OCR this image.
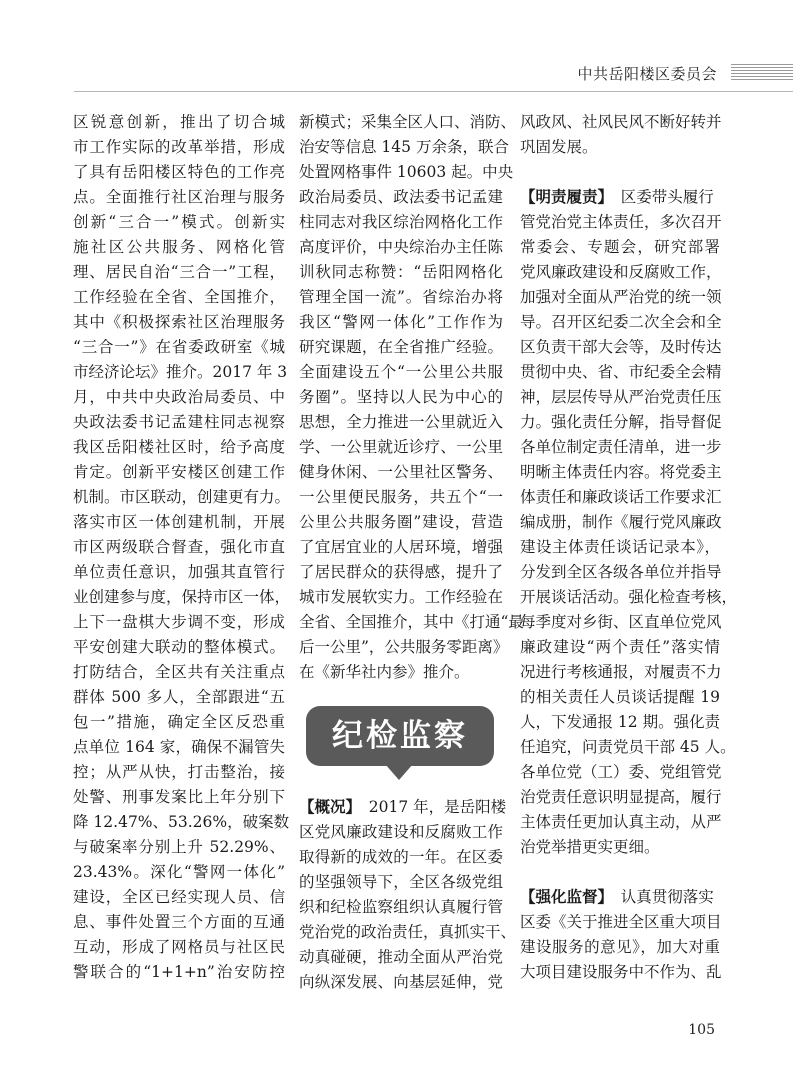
中共岳阳楼区委员会
区锐意创新，推出了切合城
市工作实际的改革举措，形成
了具有岳阳楼区特色的工作亮
点。全面推行社区治理与服务
创新“三合一”模式。创新实
施社区公共服务、网格化管
理、居民自治“三合一”工程，
工作经验在全省、全国推介，
其中《积极探索社区治理服务
“三合一”》在省委政研室《城
市经济论坛》推介。2017 年 3
月，中共中央政治局委员、中
央政法委书记孟建柱同志视察
我区岳阳楼社区时，给予高度
肯定。创新平安楼区创建工作
机制。市区联动，创建更有力。
落实市区一体创建机制，开展
市区两级联合督查，强化市直
单位责任意识，加强其直管行
业创建参与度，保持市区一体，
上下一盘棋大步调不变，形成
平安创建大联动的整体模式。
打防结合，全区共有关注重点
群体 500 多人，全部跟进“五
包一”措施，确定全区反恐重
点单位 164 家，确保不漏管失
控；从严从快，打击整治，接
处警、刑事发案比上年分别下
降 12.47%、53.26%，破案数
与破案率分别上升 52.29%、
23.43%。深化“警网一体化”
建设，全区已经实现人员、信
息、事件处置三个方面的互通
互动，形成了网格员与社区民
警联合的“1+1+n”治安防控
新模式；采集全区人口、消防、
治安等信息 145 万余条，联合
处置网格事件 10603 起。中央
政治局委员、政法委书记孟建
柱同志对我区综治网格化工作
高度评价，中央综治办主任陈
训秋同志称赞：“岳阳网格化
管理全国一流”。省综治办将
我区“警网一体化”工作作为
研究课题，在全省推广经验。
全面建设五个“一公里公共服
务圈”。坚持以人民为中心的
思想，全力推进一公里就近入
学、一公里就近诊疗、一公里
健身休闲、一公里社区警务、
一公里便民服务，共五个“一
公里公共服务圈”建设，营造
了宜居宜业的人居环境，增强
了居民群众的获得感，提升了
城市发展软实力。工作经验在
全省、全国推介，其中《打通“最
后一公里”，公共服务零距离》
在《新华社内参》推介。
纪检监察
【概况】　2017 年，是岳阳楼
区党风廉政建设和反腐败工作
取得新的成效的一年。在区委
的坚强领导下，全区各级党组
织和纪检监察组织认真履行管
党治党的政治责任，真抓实干、
动真碰硬，推动全面从严治党
向纵深发展、向基层延伸，党
风政风、社风民风不断好转并
巩固发展。
【明责履责】　区委带头履行
管党治党主体责任，多次召开
常委会、专题会，研究部署
党风廉政建设和反腐败工作，
加强对全面从严治党的统一领
导。召开区纪委二次全会和全
区负责干部大会等，及时传达
贯彻中央、省、市纪委全会精
神，层层传导从严治党责任压
力。强化责任分解，指导督促
各单位制定责任清单，进一步
明晰主体责任内容。将党委主
体责任和廉政谈话工作要求汇
编成册，制作《履行党风廉政
建设主体责任谈话记录本》，
分发到全区各级各单位并指导
开展谈话活动。强化检查考核，
每季度对乡街、区直单位党风
廉政建设“两个责任”落实情
况进行考核通报，对履责不力
的相关责任人员谈话提醒 19
人，下发通报 12 期。强化责
任追究，问责党员干部 45 人。
各单位党（工）委、党组管党
治党责任意识明显提高，履行
主体责任更加认真主动，从严
治党举措更实更细。
【强化监督】　认真贯彻落实
区委《关于推进全区重大项目
建设服务的意见》，加大对重
大项目建设服务中不作为、乱
105
